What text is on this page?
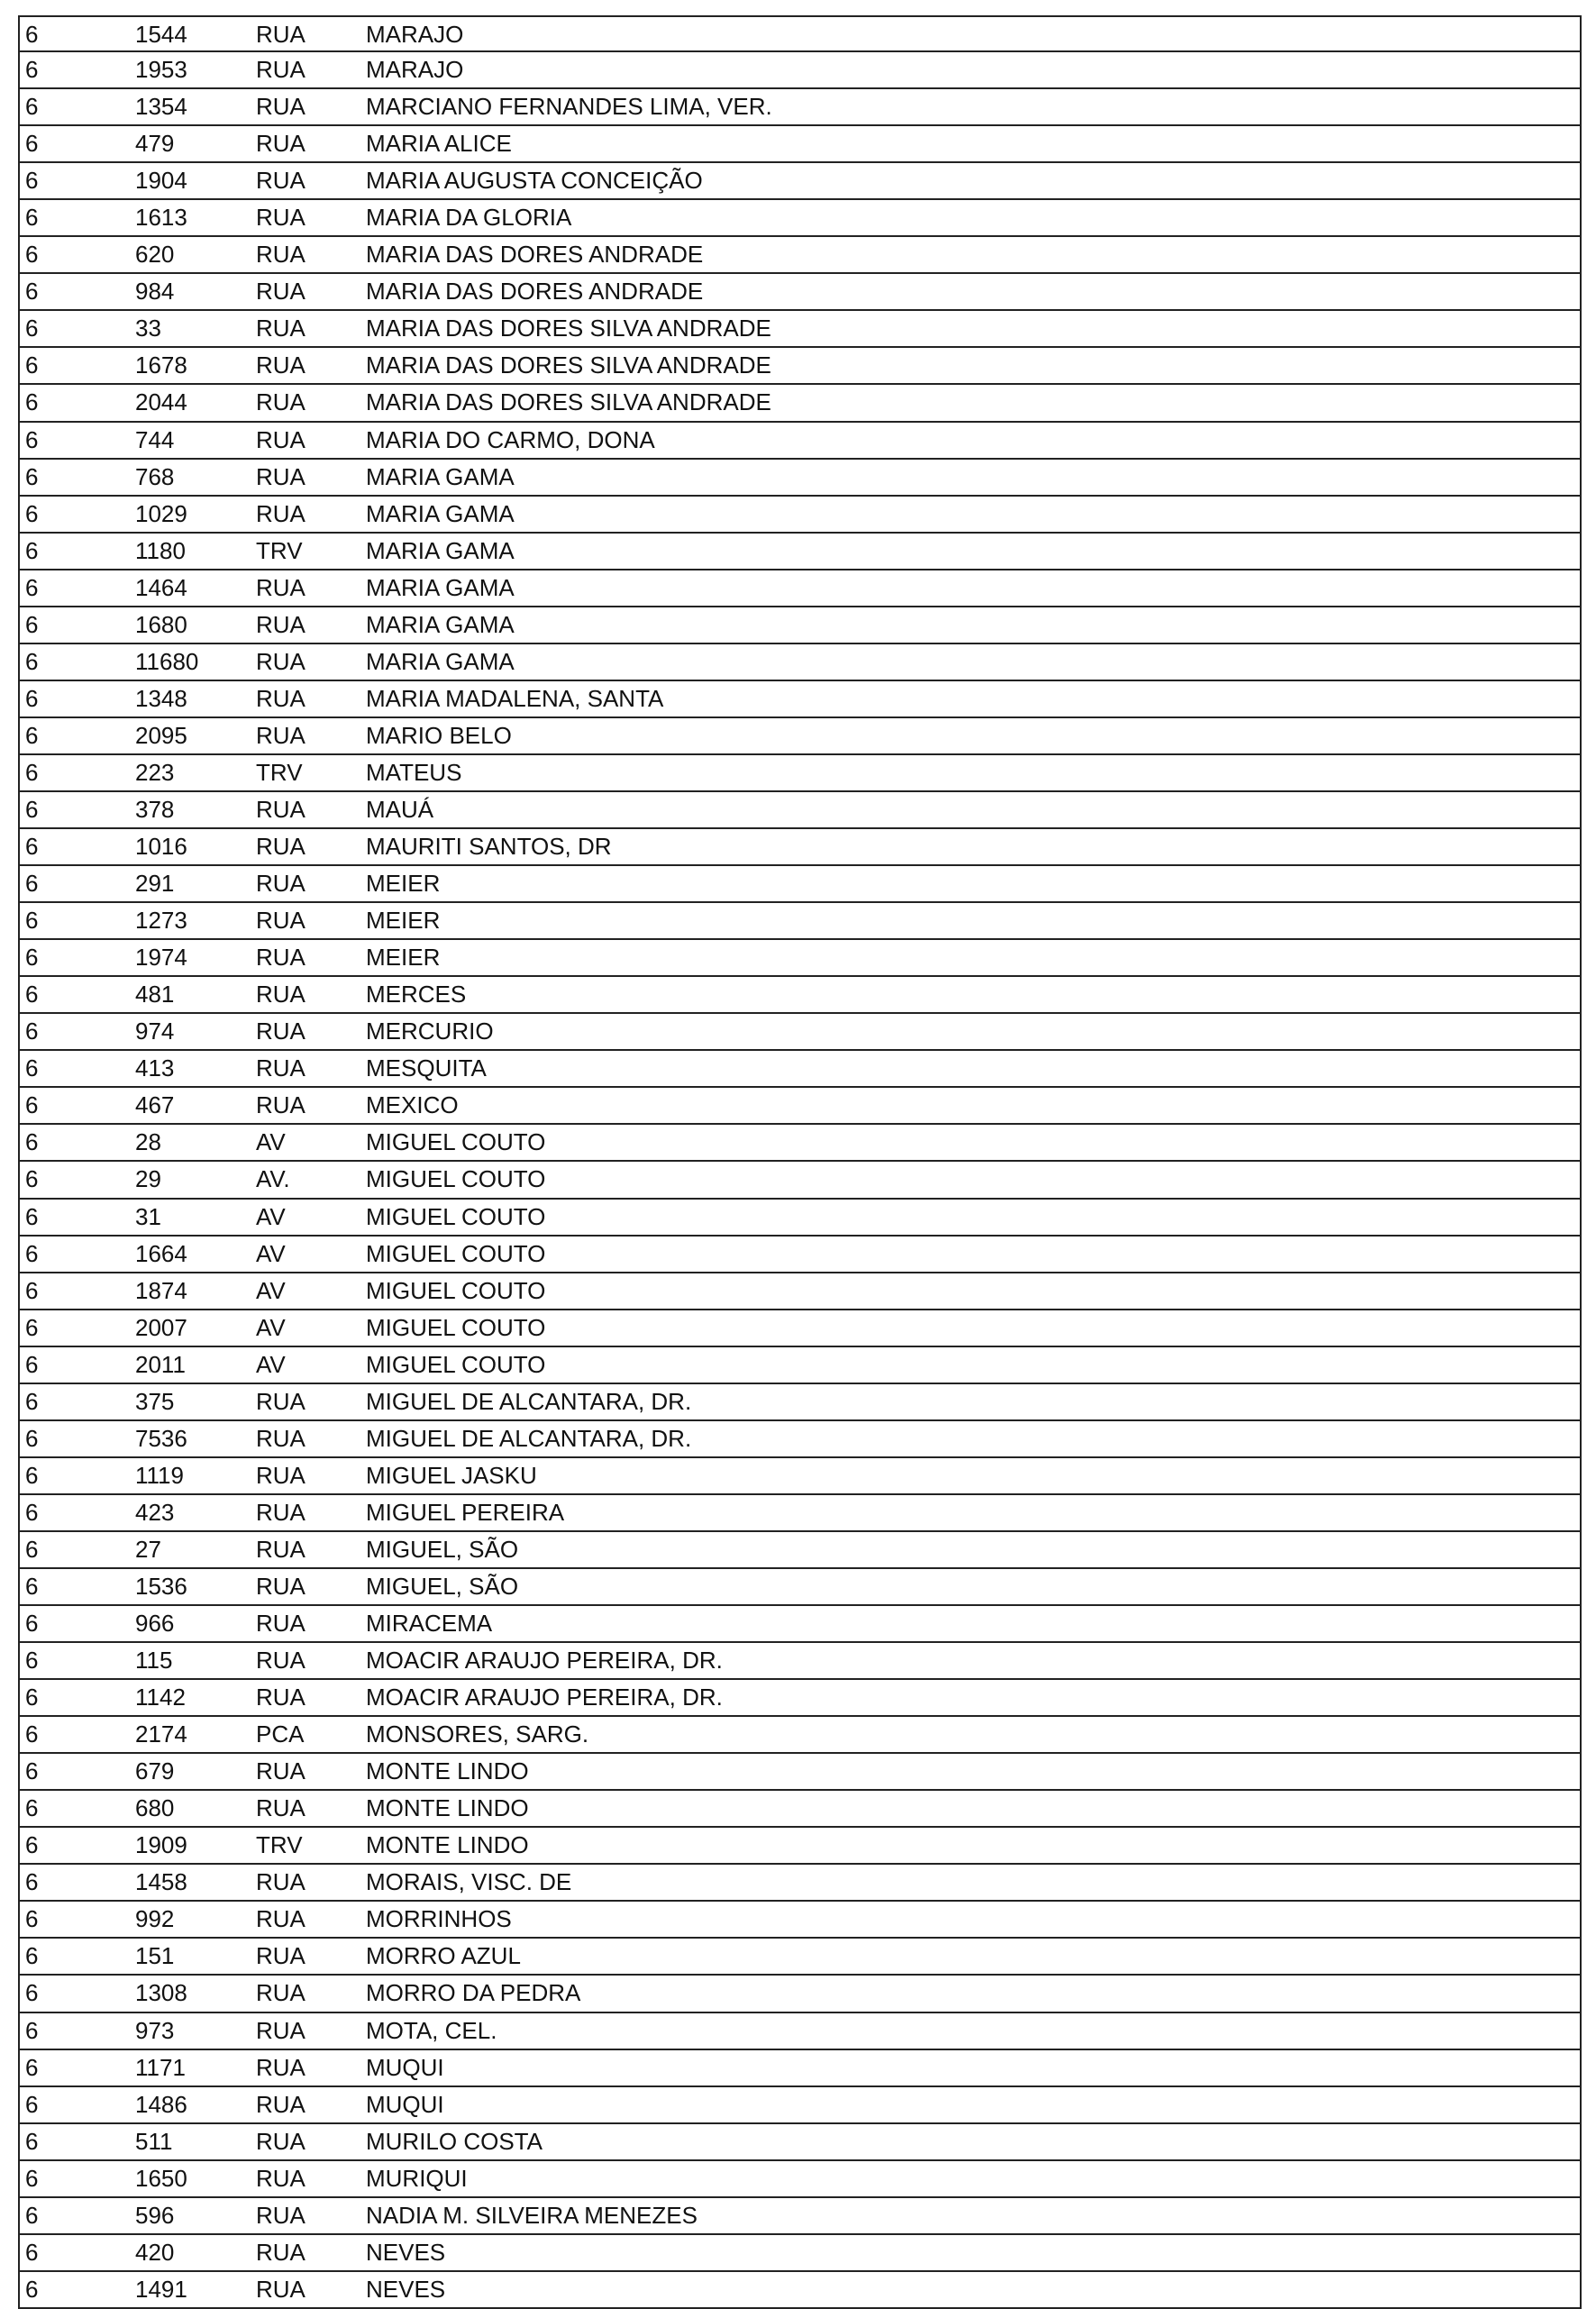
6	1544	RUA	MARAJO
6	1953	RUA	MARAJO
6	1354	RUA	MARCIANO FERNANDES LIMA, VER.
6	479	RUA	MARIA ALICE
6	1904	RUA	MARIA AUGUSTA CONCEIÇÃO
6	1613	RUA	MARIA DA GLORIA
6	620	RUA	MARIA DAS DORES ANDRADE
6	984	RUA	MARIA DAS DORES ANDRADE
6	33	RUA	MARIA DAS DORES SILVA ANDRADE
6	1678	RUA	MARIA DAS DORES SILVA ANDRADE
6	2044	RUA	MARIA DAS DORES SILVA ANDRADE
6	744	RUA	MARIA DO CARMO, DONA
6	768	RUA	MARIA GAMA
6	1029	RUA	MARIA GAMA
6	1180	TRV	MARIA GAMA
6	1464	RUA	MARIA GAMA
6	1680	RUA	MARIA GAMA
6	11680 RUA	MARIA GAMA
6	1348	RUA	MARIA MADALENA, SANTA
6	2095	RUA	MARIO BELO
6	223	TRV	MATEUS
6	378	RUA	MAUÁ
6	1016	RUA	MAURITI SANTOS, DR
6	291	RUA	MEIER
6	1273	RUA	MEIER
6	1974	RUA	MEIER
6	481	RUA	MERCES
6	974	RUA	MERCURIO
6	413	RUA	MESQUITA
6	467	RUA	MEXICO
6	28	AV	MIGUEL COUTO
6	29	AV.	MIGUEL COUTO
6	31	AV	MIGUEL COUTO
6	1664	AV	MIGUEL COUTO
6	1874	AV	MIGUEL COUTO
6	2007	AV	MIGUEL COUTO
6	2011	AV	MIGUEL COUTO
6	375	RUA	MIGUEL DE ALCANTARA, DR.
6	7536	RUA	MIGUEL DE ALCANTARA, DR.
6	1119	RUA	MIGUEL JASKU
6	423	RUA	MIGUEL PEREIRA
6	27	RUA	MIGUEL, SÃO
6	1536	RUA	MIGUEL, SÃO
6	966	RUA	MIRACEMA
6	115	RUA	MOACIR ARAUJO PEREIRA, DR.
6	1142	RUA	MOACIR ARAUJO PEREIRA, DR.
6	2174	PCA	MONSORES, SARG.
6	679	RUA	MONTE LINDO
6	680	RUA	MONTE LINDO
6	1909	TRV	MONTE LINDO
6	1458	RUA	MORAIS, VISC. DE
6	992	RUA	MORRINHOS
6	151	RUA	MORRO AZUL
6	1308	RUA	MORRO DA PEDRA
6	973	RUA	MOTA, CEL.
6	1171	RUA	MUQUI
6	1486	RUA	MUQUI
6	511	RUA	MURILO COSTA
6	1650	RUA	MURIQUI
6	596	RUA	NADIA M. SILVEIRA MENEZES
6	420	RUA	NEVES
6	1491	RUA	NEVES
